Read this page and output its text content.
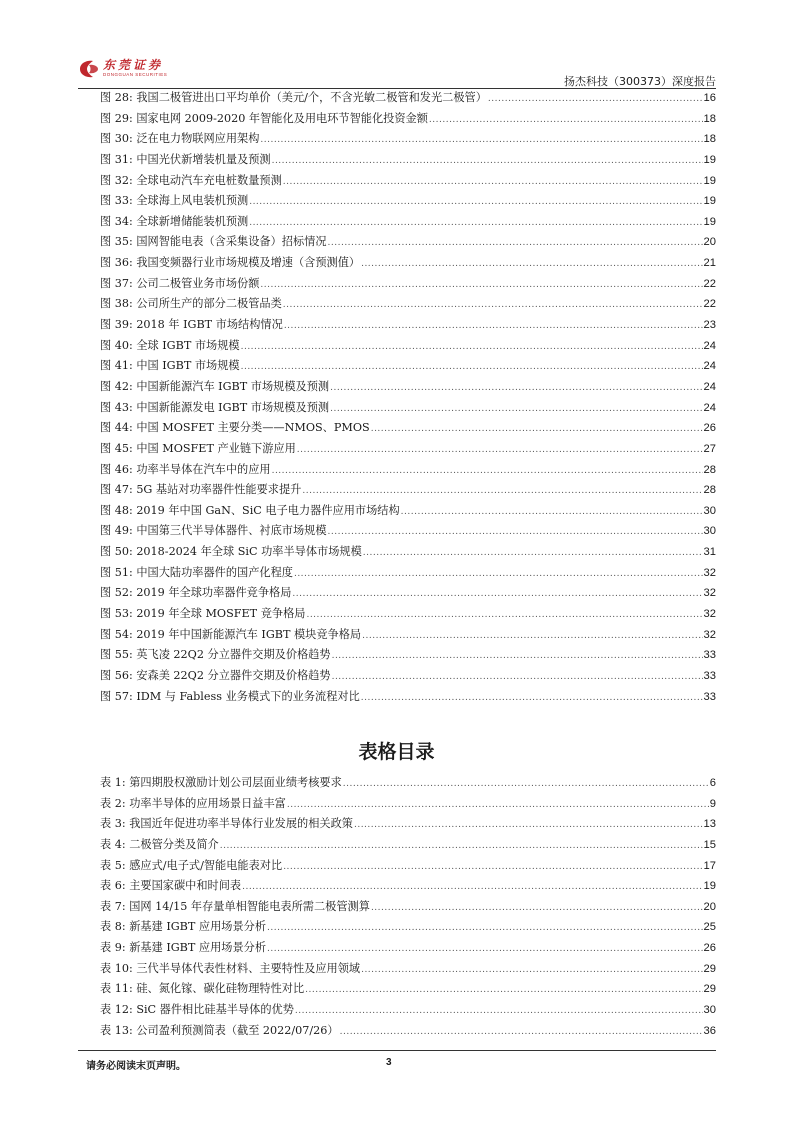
东莞证券
DONGGUAN SECURITIES
扬杰科技（300373）深度报告
图 28: 我国二极管进出口平均单价（美元/个，不含光敏二极管和发光二极管） .....	16
图 29: 国家电网 2009-2020 年智能化及用电环节智能化投资金额 .....	18
图 30: 泛在电力物联网应用架构 .....	18
图 31: 中国光伏新增装机量及预测 .....	19
图 32: 全球电动汽车充电桩数量预测 .....	19
图 33: 全球海上风电装机预测 .....	19
图 34: 全球新增储能装机预测 .....	19
图 35: 国网智能电表（含采集设备）招标情况 .....	20
图 36: 我国变频器行业市场规模及增速（含预测值） .....	21
图 37: 公司二极管业务市场份额 .....	22
图 38: 公司所生产的部分二极管品类 .....	22
图 39: 2018 年 IGBT 市场结构情况 .....	23
图 40: 全球 IGBT 市场规模 .....	24
图 41: 中国 IGBT 市场规模 .....	24
图 42: 中国新能源汽车 IGBT 市场规模及预测 .....	24
图 43: 中国新能源发电 IGBT 市场规模及预测 .....	24
图 44: 中国 MOSFET 主要分类——NMOS、PMOS .....	26
图 45: 中国 MOSFET 产业链下游应用 .....	27
图 46: 功率半导体在汽车中的应用 .....	28
图 47: 5G 基站对功率器件性能要求提升 .....	28
图 48: 2019 年中国 GaN、SiC 电子电力器件应用市场结构 .....	30
图 49: 中国第三代半导体器件、衬底市场规模 .....	30
图 50: 2018-2024 年全球 SiC 功率半导体市场规模 .....	31
图 51: 中国大陆功率器件的国产化程度 .....	32
图 52: 2019 年全球功率器件竞争格局 .....	32
图 53: 2019 年全球 MOSFET 竞争格局 .....	32
图 54: 2019 年中国新能源汽车 IGBT 模块竞争格局 .....	32
图 55: 英飞凌 22Q2 分立器件交期及价格趋势 .....	33
图 56: 安森美 22Q2 分立器件交期及价格趋势 .....	33
图 57: IDM 与 Fabless 业务模式下的业务流程对比 .....	33
表格目录
表 1: 第四期股权激励计划公司层面业绩考核要求 .....	6
表 2: 功率半导体的应用场景日益丰富 .....	9
表 3: 我国近年促进功率半导体行业发展的相关政策 .....	13
表 4: 二极管分类及简介 .....	15
表 5: 感应式/电子式/智能电能表对比 .....	17
表 6: 主要国家碳中和时间表 .....	19
表 7: 国网 14/15 年存量单相智能电表所需二极管测算 .....	20
表 8: 新基建 IGBT 应用场景分析 .....	25
表 9: 新基建 IGBT 应用场景分析 .....	26
表 10: 三代半导体代表性材料、主要特性及应用领域 .....	29
表 11: 硅、氮化镓、碳化硅物理特性对比 .....	29
表 12: SiC 器件相比硅基半导体的优势 .....	30
表 13: 公司盈利预测简表（截至 2022/07/26） .....	36
请务必阅读末页声明。	3
